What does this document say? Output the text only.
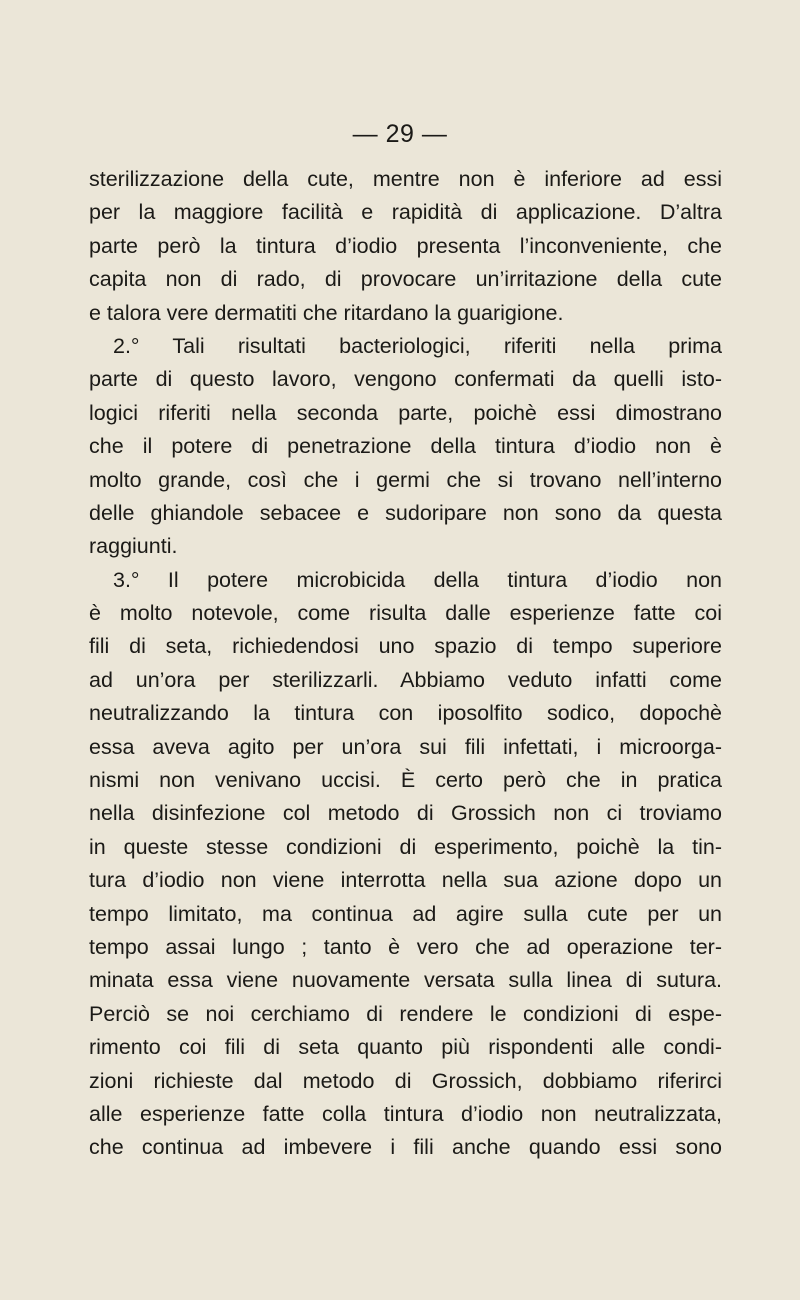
— 29 —
sterilizzazione della cute, mentre non è inferiore ad essi
per la maggiore facilità e rapidità di applicazione. D’altra
parte però la tintura d’iodio presenta l’inconveniente, che
capita non di rado, di provocare un’irritazione della cute
e talora vere dermatiti che ritardano la guarigione.
2.° Tali risultati bacteriologici, riferiti nella prima
parte di questo lavoro, vengono confermati da quelli isto-
logici riferiti nella seconda parte, poichè essi dimostrano
che il potere di penetrazione della tintura d’iodio non è
molto grande, così che i germi che si trovano nell’interno
delle ghiandole sebacee e sudoripare non sono da questa
raggiunti.
3.° Il potere microbicida della tintura d’iodio non
è molto notevole, come risulta dalle esperienze fatte coi
fili di seta, richiedendosi uno spazio di tempo superiore
ad un’ora per sterilizzarli. Abbiamo veduto infatti come
neutralizzando la tintura con iposolfito sodico, dopochè
essa aveva agito per un’ora sui fili infettati, i microorga-
nismi non venivano uccisi. È certo però che in pratica
nella disinfezione col metodo di Grossich non ci troviamo
in queste stesse condizioni di esperimento, poichè la tin-
tura d’iodio non viene interrotta nella sua azione dopo un
tempo limitato, ma continua ad agire sulla cute per un
tempo assai lungo ; tanto è vero che ad operazione ter-
minata essa viene nuovamente versata sulla linea di sutura.
Perciò se noi cerchiamo di rendere le condizioni di espe-
rimento coi fili di seta quanto più rispondenti alle condi-
zioni richieste dal metodo di Grossich, dobbiamo riferirci
alle esperienze fatte colla tintura d’iodio non neutralizzata,
che continua ad imbevere i fili anche quando essi sono
